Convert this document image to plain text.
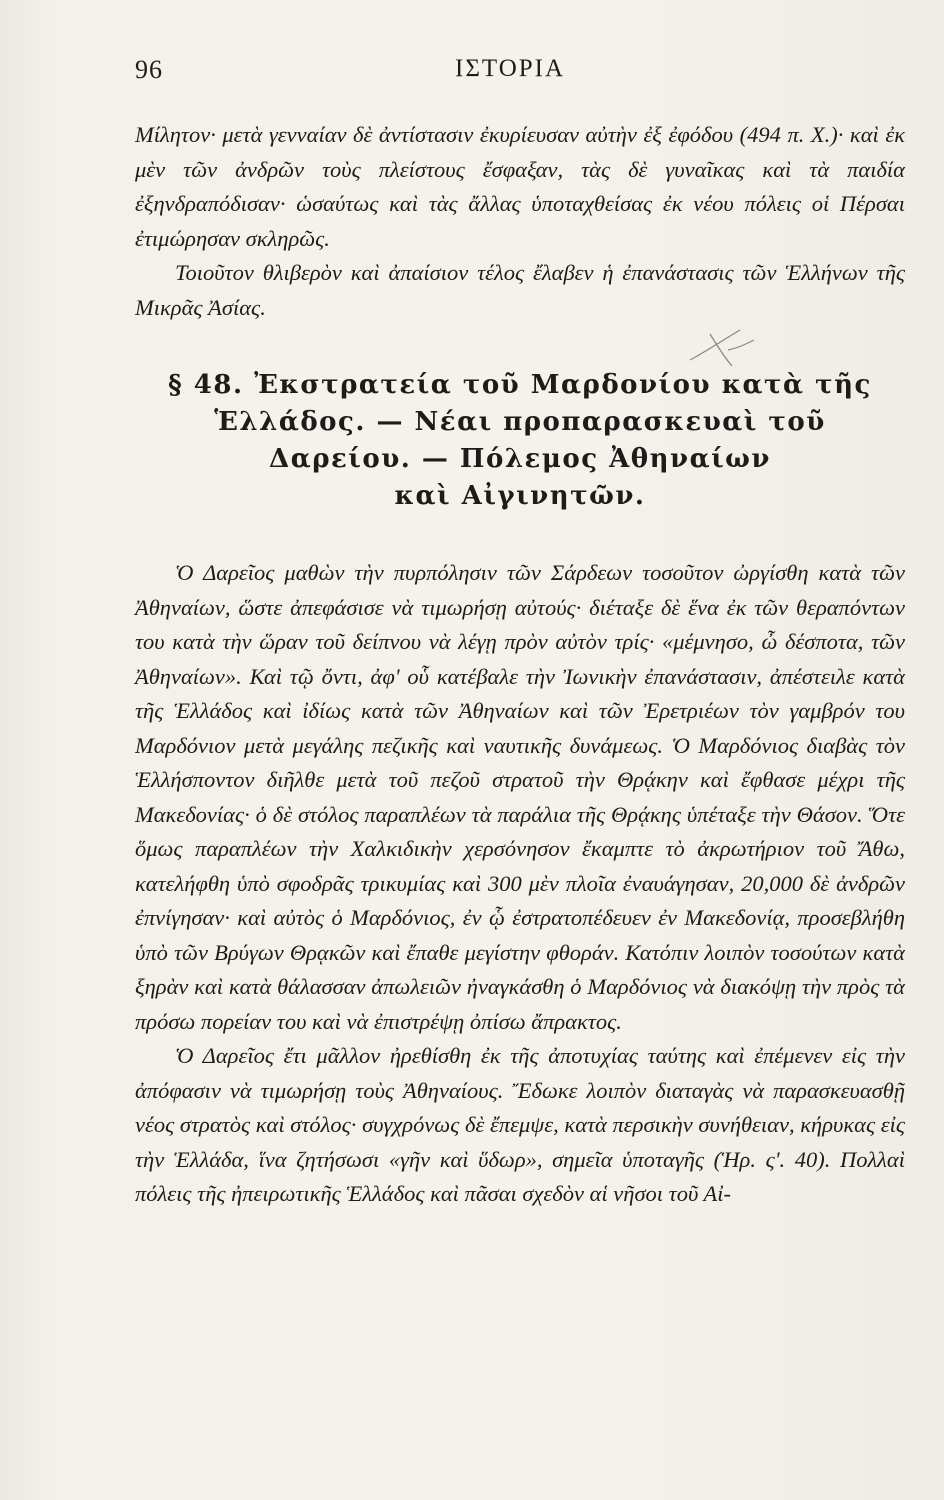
96	ΙΣΤΟΡΙΑ

Μίλητον· μετὰ γενναίαν δὲ ἀντίστασιν ἐκυρίευσαν αὐτὴν ἐξ ἐφόδου (494 π. Χ.)· καὶ ἐκ μὲν τῶν ἀνδρῶν τοὺς πλείστους ἔσφαξαν, τὰς δὲ γυναῖκας καὶ τὰ παιδία ἐξηνδραπόδισαν· ὡσαύτως καὶ τὰς ἄλλας ὑποταχθείσας ἐκ νέου πόλεις οἱ Πέρσαι ἐτιμώρησαν σκληρῶς.

Τοιοῦτον θλιβερὸν καὶ ἀπαίσιον τέλος ἔλαβεν ἡ ἐπανάστασις τῶν Ἑλλήνων τῆς Μικρᾶς Ἀσίας.

§ 48. Ἐκστρατεία τοῦ Μαρδονίου κατὰ τῆς
Ἑλλάδος. — Νέαι προπαρασκευαὶ τοῦ
Δαρείου. — Πόλεμος Ἀθηναίων
καὶ Αἰγινητῶν.

Ὁ Δαρεῖος μαθὼν τὴν πυρπόλησιν τῶν Σάρδεων τοσοῦτον ὠργίσθη κατὰ τῶν Ἀθηναίων, ὥστε ἀπεφάσισε νὰ τιμωρήσῃ αὐτούς· διέταξε δὲ ἕνα ἐκ τῶν θεραπόντων του κατὰ τὴν ὥραν τοῦ δείπνου νὰ λέγῃ πρὸν αὐτὸν τρίς· «μέμνησο, ὦ δέσποτα, τῶν Ἀθηναίων». Καὶ τῷ ὄντι, ἀφ' οὗ κατέβαλε τὴν Ἰωνικὴν ἐπανάστασιν, ἀπέστειλε κατὰ τῆς Ἑλλάδος καὶ ἰδίως κατὰ τῶν Ἀθηναίων καὶ τῶν Ἐρετριέων τὸν γαμβρόν του Μαρδόνιον μετὰ μεγάλης πεζικῆς καὶ ναυτικῆς δυνάμεως. Ὁ Μαρδόνιος διαβὰς τὸν Ἑλλήσποντον διῆλθε μετὰ τοῦ πεζοῦ στρατοῦ τὴν Θρᾴκην καὶ ἔφθασε μέχρι τῆς Μακεδονίας· ὁ δὲ στόλος παραπλέων τὰ παράλια τῆς Θρᾴκης ὑπέταξε τὴν Θάσον. Ὅτε ὅμως παραπλέων τὴν Χαλκιδικὴν χερσόνησον ἔκαμπτε τὸ ἀκρωτήριον τοῦ Ἄθω, κατελήφθη ὑπὸ σφοδρᾶς τρικυμίας καὶ 300 μὲν πλοῖα ἐναυάγησαν, 20,000 δὲ ἀνδρῶν ἐπνίγησαν· καὶ αὐτὸς ὁ Μαρδόνιος, ἐν ᾧ ἐστρατοπέδευεν ἐν Μακεδονίᾳ, προσεβλήθη ὑπὸ τῶν Βρύγων Θρᾳκῶν καὶ ἔπαθε μεγίστην φθοράν. Κατόπιν λοιπὸν τοσούτων κατὰ ξηρὰν καὶ κατὰ θάλασσαν ἀπωλειῶν ἠναγκάσθη ὁ Μαρδόνιος νὰ διακόψῃ τὴν πρὸς τὰ πρόσω πορείαν του καὶ νὰ ἐπιστρέψῃ ὀπίσω ἄπρακτος.

Ὁ Δαρεῖος ἔτι μᾶλλον ἠρεθίσθη ἐκ τῆς ἀποτυχίας ταύτης καὶ ἐπέμενεν εἰς τὴν ἀπόφασιν νὰ τιμωρήσῃ τοὺς Ἀθηναίους. Ἔδωκε λοιπὸν διαταγὰς νὰ παρασκευασθῇ νέος στρατὸς καὶ στόλος· συγχρόνως δὲ ἔπεμψε, κατὰ περσικὴν συνήθειαν, κήρυκας εἰς τὴν Ἑλλάδα, ἵνα ζητήσωσι «γῆν καὶ ὕδωρ», σημεῖα ὑποταγῆς (Ἡρ. ς'. 40). Πολλαὶ πόλεις τῆς ἠπειρωτικῆς Ἑλλάδος καὶ πᾶσαι σχεδὸν αἱ νῆσοι τοῦ Αἰ-
